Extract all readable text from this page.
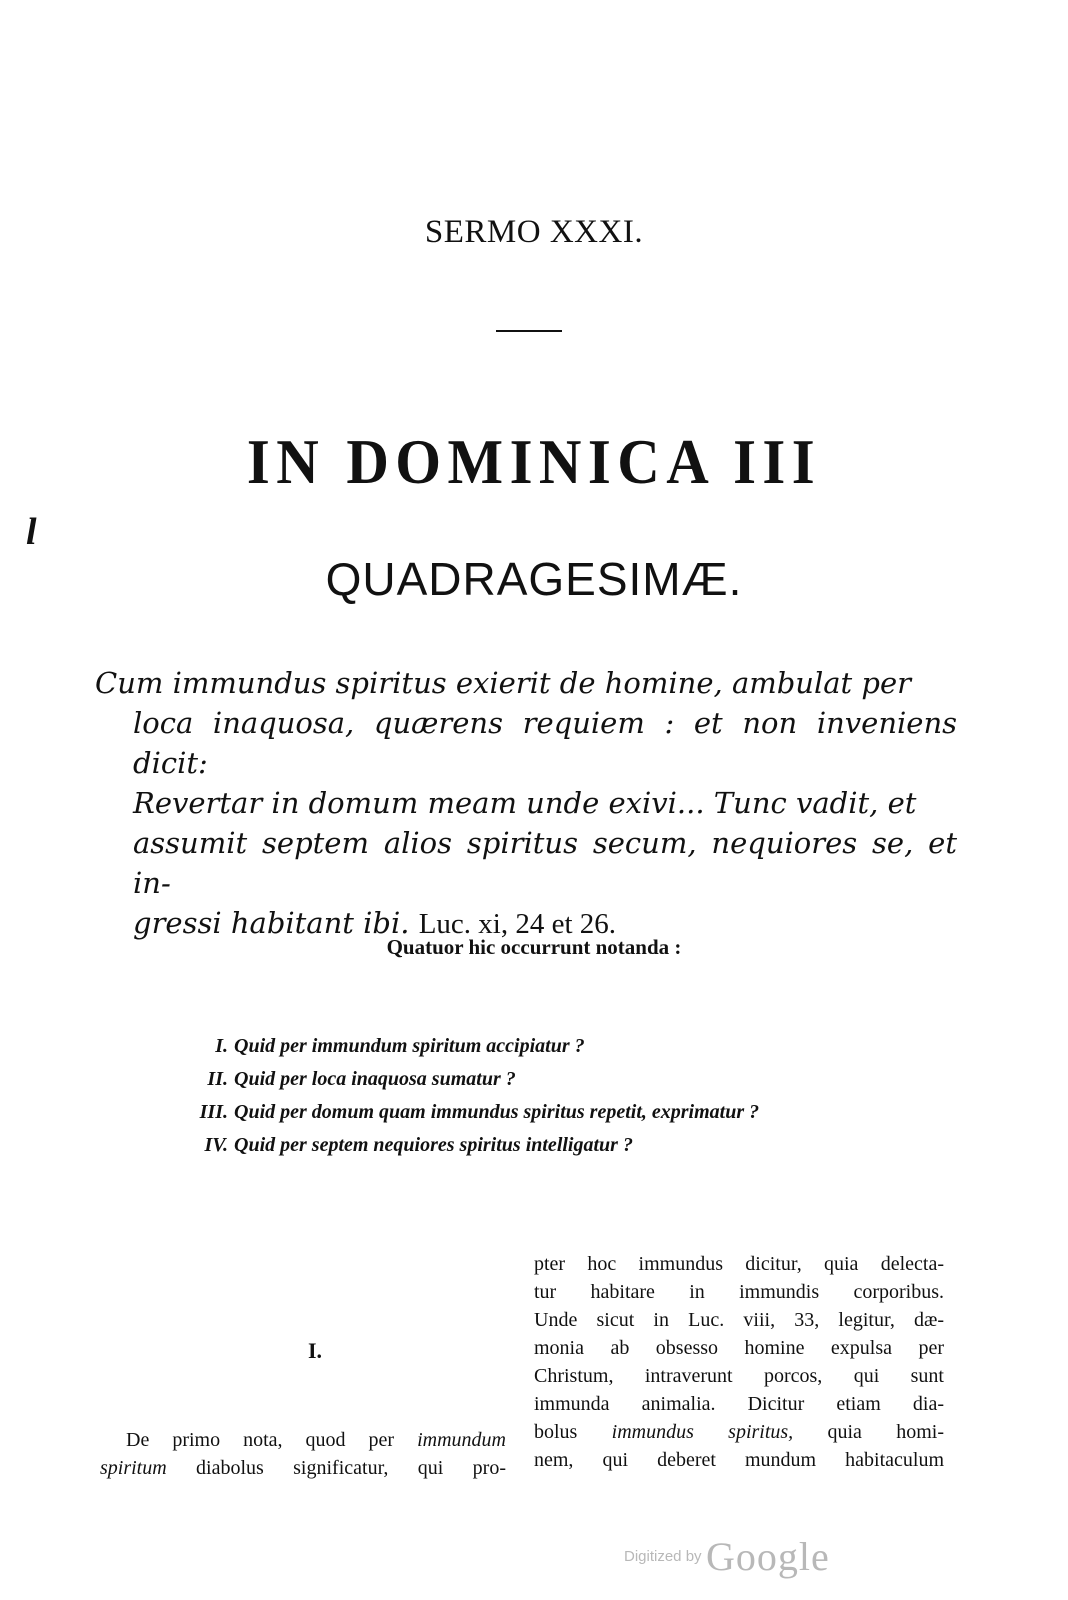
SERMO XXXI.
IN DOMINICA III
l
QUADRAGESIMÆ.
Cum immundus spiritus exierit de homine, ambulat per
loca inaquosa, quærens requiem : et non inveniens dicit:
Revertar in domum meam unde exivi... Tunc vadit, et
assumit septem alios spiritus secum, nequiores se, et in-
gressi habitant ibi. Luc. xi, 24 et 26.
Quatuor hic occurrunt notanda :
I. Quid per immundum spiritum accipiatur ?
II. Quid per loca inaquosa sumatur ?
III. Quid per domum quam immundus spiritus repetit, exprimatur ?
IV. Quid per septem nequiores spiritus intelligatur ?
I.
De primo nota, quod per immundum
spiritum diabolus significatur, qui pro-
pter hoc immundus dicitur, quia delecta-
tur habitare in immundis corporibus.
Unde sicut in Luc. viii, 33, legitur, dæ-
monia ab obsesso homine expulsa per
Christum, intraverunt porcos, qui sunt
immunda animalia. Dicitur etiam dia-
bolus immundus spiritus, quia homi-
nem, qui deberet mundum habitaculum
Digitized by Google
